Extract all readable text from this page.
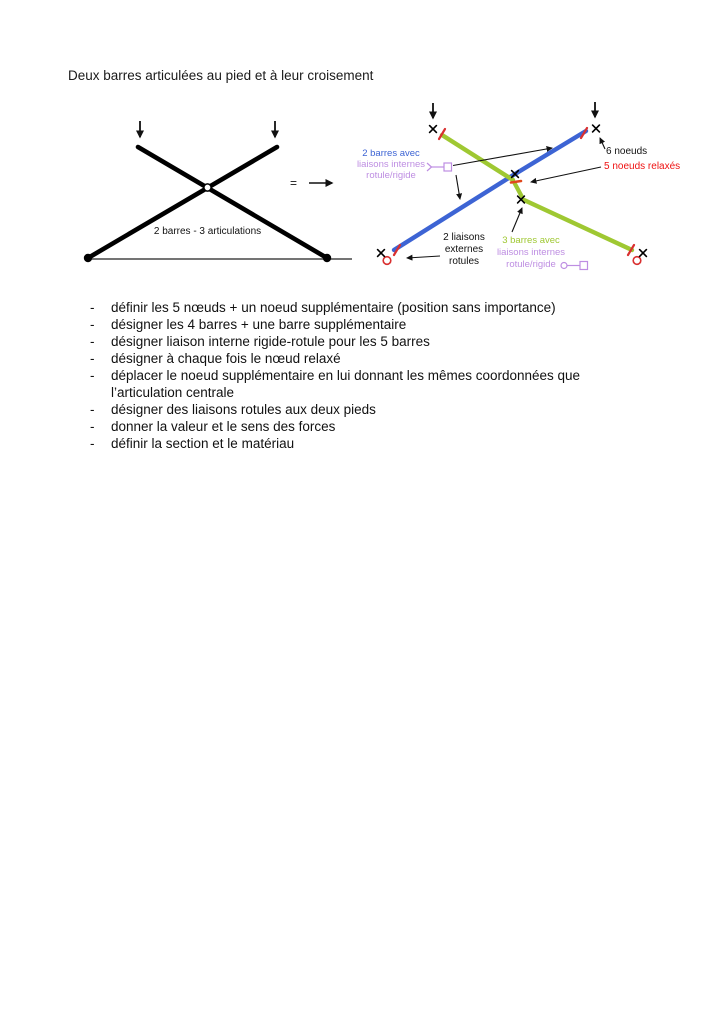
Deux barres articulées au pied et à leur croisement
2 barres - 3 articulations
=
2 barres avec
liaisons internes
rotule/rigide
6 noeuds
5 noeuds relaxés
2 liaisons
externes
rotules
3 barres avec
liaisons internes
rotule/rigide
-	définir les 5 nœuds + un noeud supplémentaire (position sans importance)
-	désigner les 4 barres + une barre supplémentaire
-	désigner liaison interne rigide-rotule pour les 5 barres
-	désigner à chaque fois le nœud relaxé
-	déplacer le noeud supplémentaire en lui donnant les mêmes coordonnées que
l’articulation centrale
-	désigner des liaisons rotules aux deux pieds
-	donner la valeur et le sens des forces
-	définir la section et le matériau
